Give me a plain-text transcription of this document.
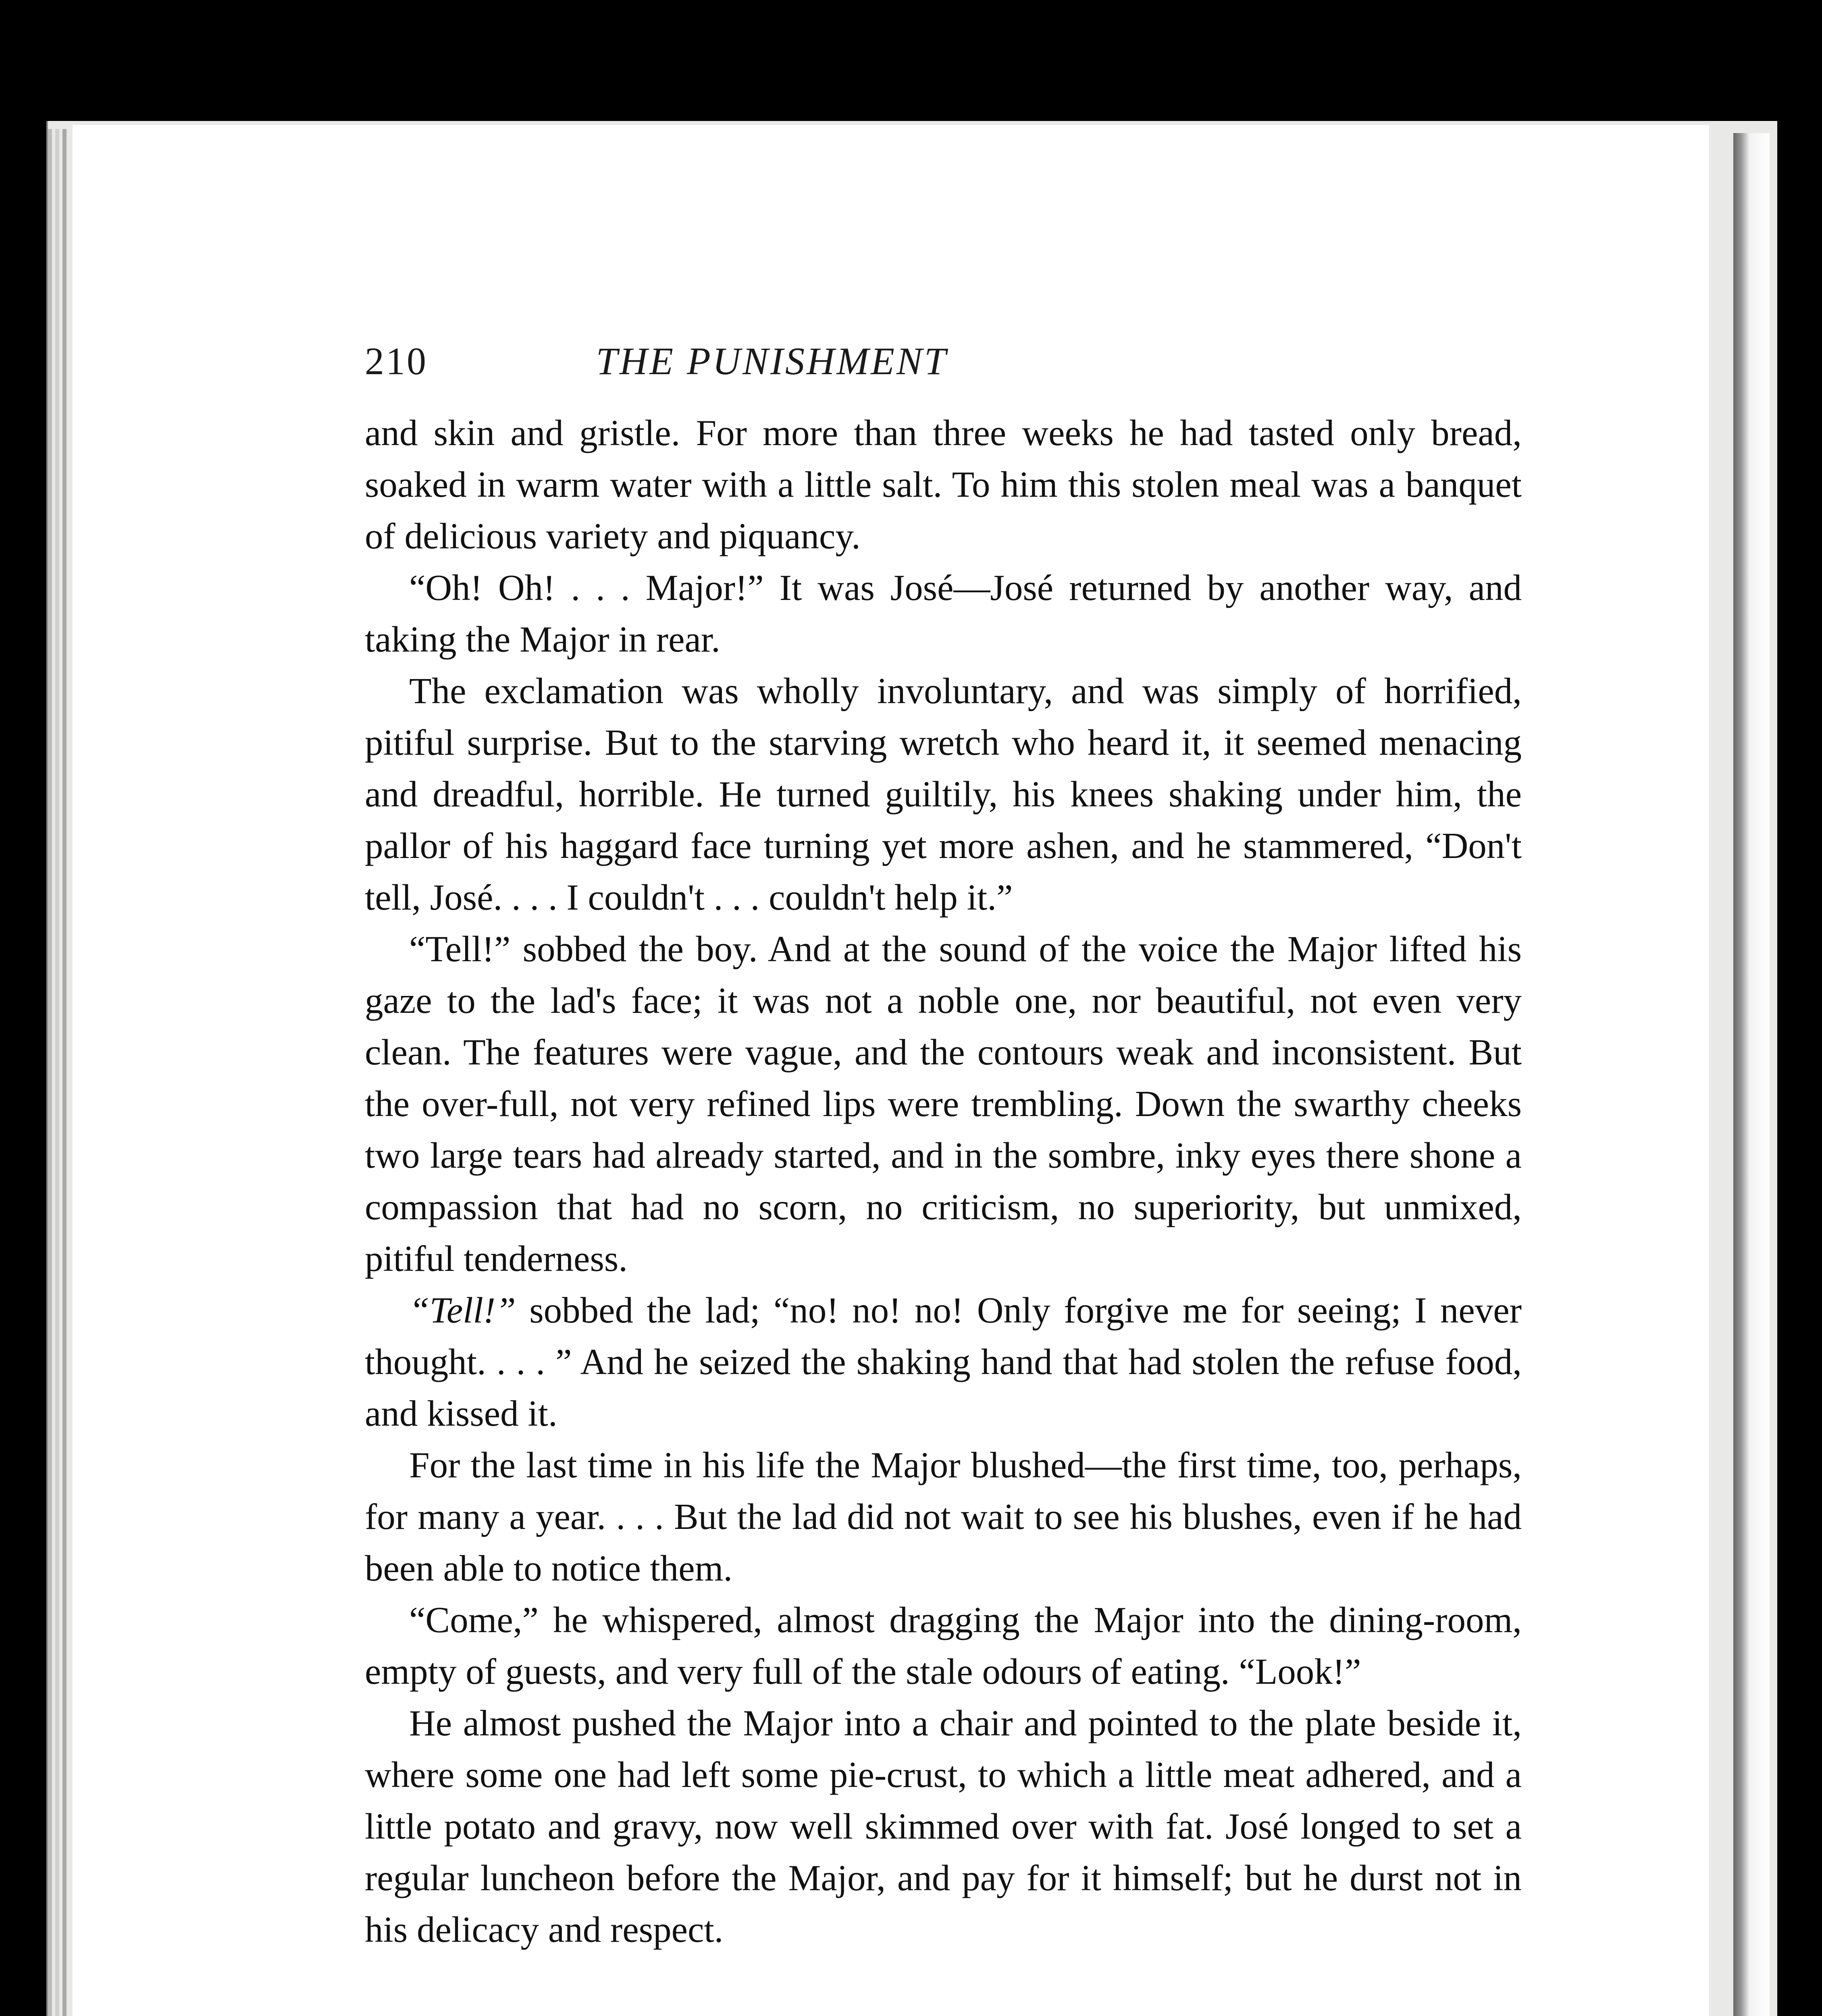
210	THE PUNISHMENT

and skin and gristle. For more than three weeks he had tasted only bread, soaked in warm water with a little salt. To him this stolen meal was a banquet of delicious variety and piquancy.

“Oh! Oh! . . . Major!” It was José—José returned by another way, and taking the Major in rear.

The exclamation was wholly involuntary, and was simply of horrified, pitiful surprise. But to the starving wretch who heard it, it seemed menacing and dreadful, horrible. He turned guiltily, his knees shaking under him, the pallor of his haggard face turning yet more ashen, and he stammered, “Don't tell, José. . . . I couldn't . . . couldn't help it.”

“Tell!” sobbed the boy. And at the sound of the voice the Major lifted his gaze to the lad's face; it was not a noble one, nor beautiful, not even very clean. The features were vague, and the contours weak and inconsistent. But the over-full, not very refined lips were trembling. Down the swarthy cheeks two large tears had already started, and in the sombre, inky eyes there shone a compassion that had no scorn, no criticism, no superiority, but unmixed, pitiful tenderness.

“Tell!” sobbed the lad; “no! no! no! Only forgive me for seeing; I never thought. . . . ” And he seized the shaking hand that had stolen the refuse food, and kissed it.

For the last time in his life the Major blushed—the first time, too, perhaps, for many a year. . . . But the lad did not wait to see his blushes, even if he had been able to notice them.

“Come,” he whispered, almost dragging the Major into the dining-room, empty of guests, and very full of the stale odours of eating. “Look!”

He almost pushed the Major into a chair and pointed to the plate beside it, where some one had left some pie-crust, to which a little meat adhered, and a little potato and gravy, now well skimmed over with fat. José longed to set a regular luncheon before the Major, and pay for it himself; but he durst not in his delicacy and respect.
